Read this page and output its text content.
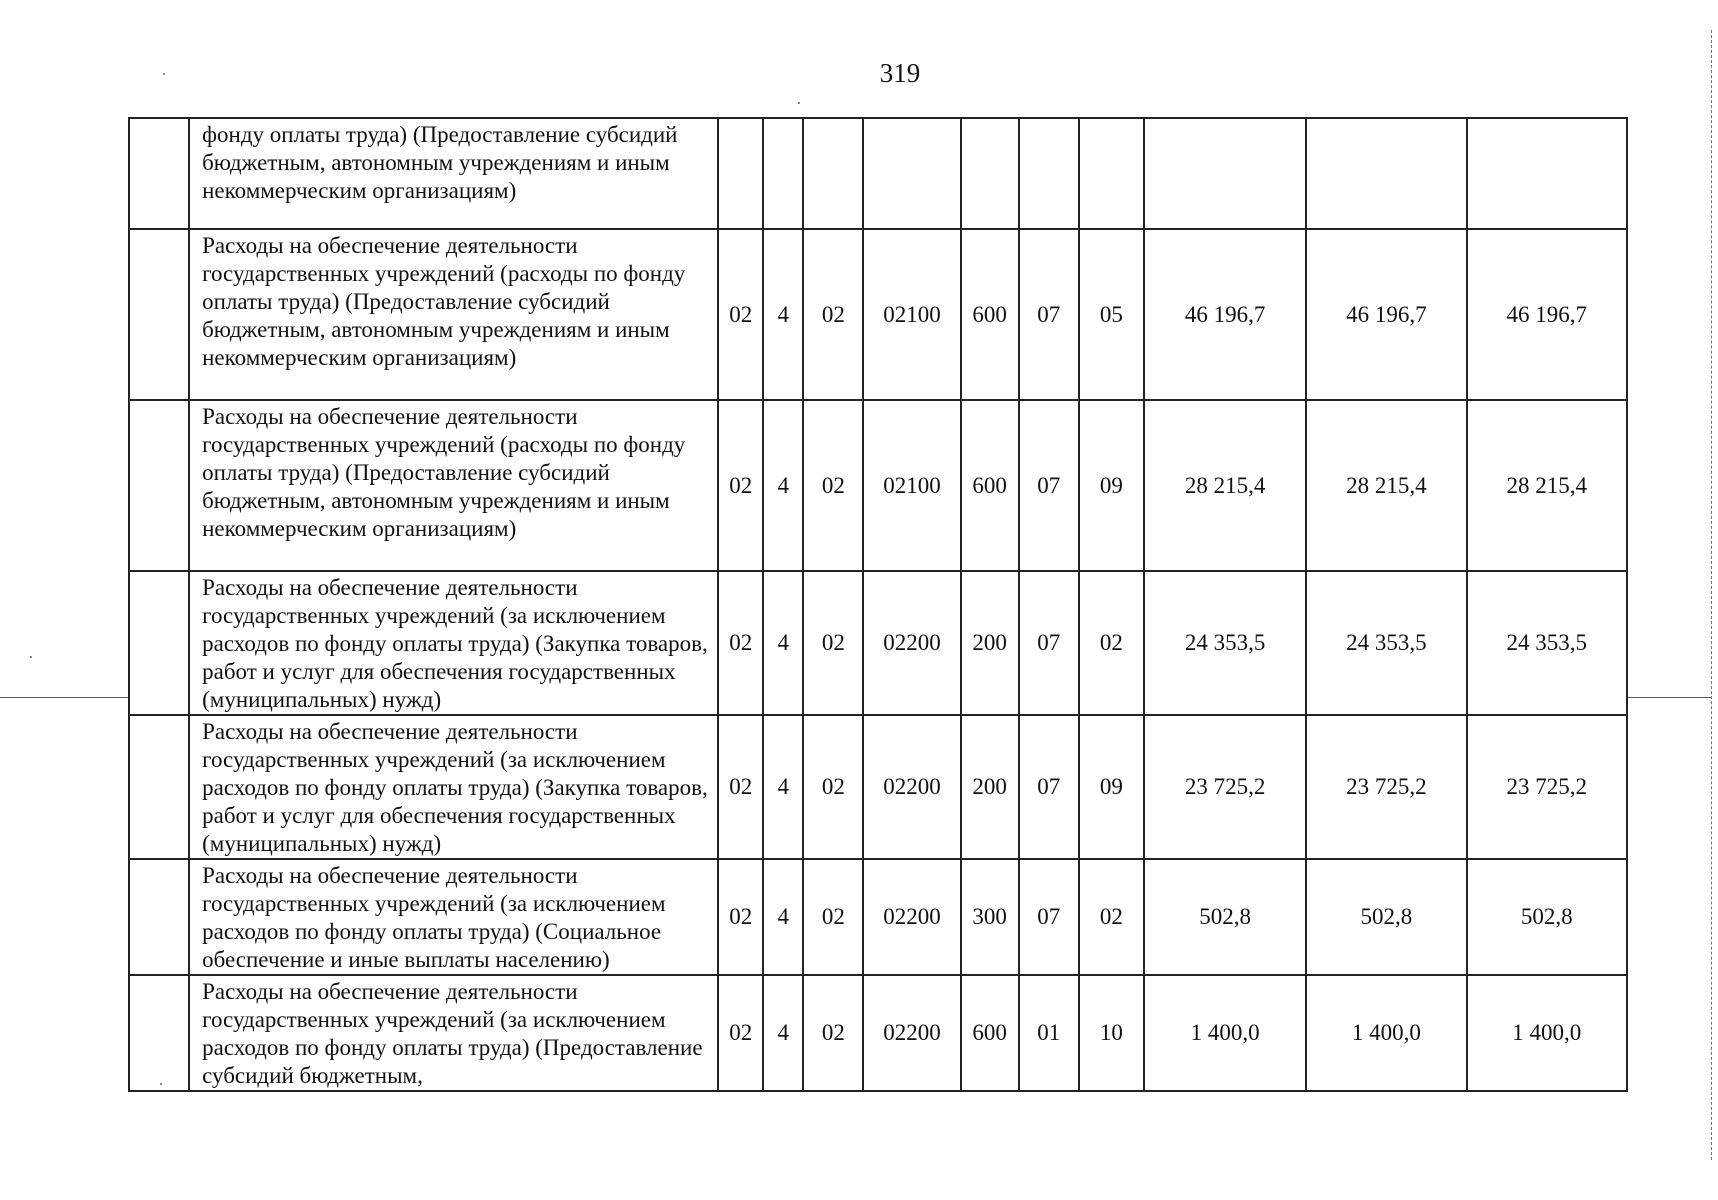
319
	фонду оплаты труда) (Предоставление субсидий бюджетным, автономным учреждениям и иным некоммерческим организациям)										
	Расходы на обеспечение деятельности государственных учреждений (расходы по фонду оплаты труда) (Предоставление субсидий бюджетным, автономным учреждениям и иным некоммерческим организациям)	02	4	02	02100	600	07	05	46 196,7	46 196,7	46 196,7
	Расходы на обеспечение деятельности государственных учреждений (расходы по фонду оплаты труда) (Предоставление субсидий бюджетным, автономным учреждениям и иным некоммерческим организациям)	02	4	02	02100	600	07	09	28 215,4	28 215,4	28 215,4
	Расходы на обеспечение деятельности государственных учреждений (за исключением расходов по фонду оплаты труда) (Закупка товаров, работ и услуг для обеспечения государственных (муниципальных) нужд)	02	4	02	02200	200	07	02	24 353,5	24 353,5	24 353,5
	Расходы на обеспечение деятельности государственных учреждений (за исключением расходов по фонду оплаты труда) (Закупка товаров, работ и услуг для обеспечения государственных (муниципальных) нужд)	02	4	02	02200	200	07	09	23 725,2	23 725,2	23 725,2
	Расходы на обеспечение деятельности государственных учреждений (за исключением расходов по фонду оплаты труда) (Социальное обеспечение и иные выплаты населению)	02	4	02	02200	300	07	02	502,8	502,8	502,8
	Расходы на обеспечение деятельности государственных учреждений (за исключением расходов по фонду оплаты труда) (Предоставление субсидий бюджетным,	02	4	02	02200	600	01	10	1 400,0	1 400,0	1 400,0
